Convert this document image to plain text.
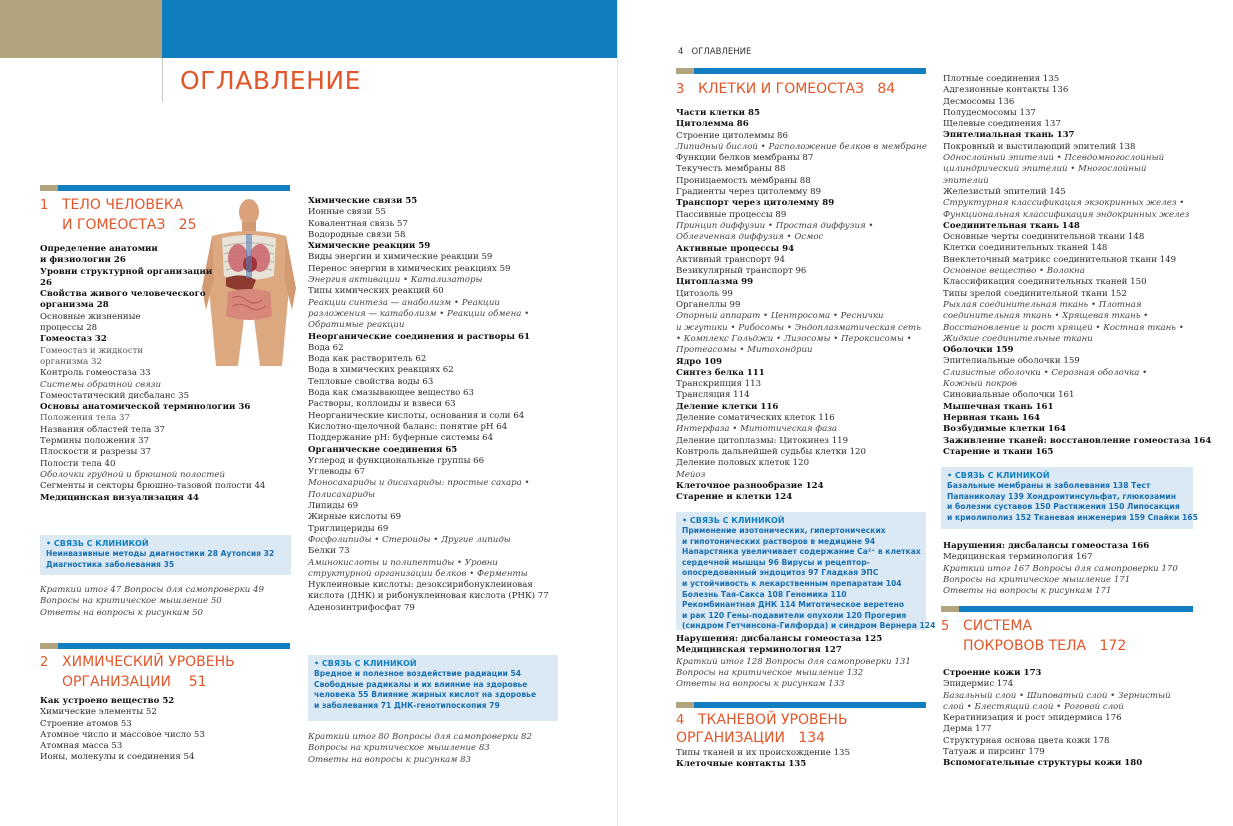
ОГЛАВЛЕНИЕ
1 ТЕЛО ЧЕЛОВЕКА
И ГОМЕОСТАЗ 25
Определение анатомии
и физиологии 26
Уровни структурной организации
26
Свойства живого человеческого
организма 28
Основные жизненные
процессы 28
Гомеостаз 32
Гомеостаз и жидкости
организма 32
Контроль гомеостаза 33
Системы обратной связи
Гомеостатический дисбаланс 35
Основы анатомической терминологии 36
Положения тела 37
Названия областей тела 37
Термины положения 37
Плоскости и разрезы 37
Полости тела 40
Оболочки грудной и брюшной полостей
Сегменты и секторы брюшно-тазовой полости 44
Медицинская визуализация 44
• СВЯЗЬ С КЛИНИКОЙ
Неинвазивные методы диагностики 28 Аутопсия 32
Диагностика заболевания 35
Краткий итог 47 Вопросы для самопроверки 49
Вопросы на критическое мышление 50
Ответы на вопросы к рисункам 50
2 ХИМИЧЕСКИЙ УРОВЕНЬ
ОРГАНИЗАЦИИ 51
Как устроено вещество 52
Химические элементы 52
Строение атомов 53
Атомное число и массовое число 53
Атомная масса 53
Ионы, молекулы и соединения 54
Химические связи 55
Ионные связи 55
Ковалентная связь 57
Водородные связи 58
Химические реакции 59
Виды энергии и химические реакции 59
Перенос энергии в химических реакциях 59
Энергия активации • Катализаторы
Типы химических реакций 60
Реакции синтеза — анаболизм • Реакции
разложения — катаболизм • Реакции обмена •
Обратимые реакции
Неорганические соединения и растворы 61
Вода 62
Вода как растворитель 62
Вода в химических реакциях 62
Тепловые свойства воды 63
Вода как смазывающее вещество 63
Растворы, коллоиды и взвеси 63
Неорганические кислоты, основания и соли 64
Кислотно-щелочной баланс: понятие pH 64
Поддержание pH: буферные системы 64
Органические соединения 65
Углерод и функциональные группы 66
Углеводы 67
Моносахариды и дисахариды: простые сахара •
Полисахариды
Липиды 69
Жирные кислоты 69
Триглицериды 69
Фосфолипиды • Стероиды • Другие липиды
Белки 73
Аминокислоты и полипептиды • Уровни
структурной организации белков • Ферменты
Нуклеиновые кислоты: дезоксирибонуклеиновая
кислота (ДНК) и рибонуклеиновая кислота (РНК) 77
Аденозинтрифосфат 79
• СВЯЗЬ С КЛИНИКОЙ
Вредное и полезное воздействие радиации 54
Свободные радикалы и их влияние на здоровье
человека 55 Влияние жирных кислот на здоровье
и заболевания 71 ДНК-генотипоскопия 79
Краткий итог 80 Вопросы для самопроверки 82
Вопросы на критическое мышление 83
Ответы на вопросы к рисункам 83
4 ОГЛАВЛЕНИЕ
3 КЛЕТКИ И ГОМЕОСТАЗ 84
Части клетки 85
Цитолемма 86
Строение цитолеммы 86
Липидный бислой • Расположение белков в мембране
Функции белков мембраны 87
Текучесть мембраны 88
Проницаемость мембраны 88
Градиенты через цитолемму 89
Транспорт через цитолемму 89
Пассивные процессы 89
Принцип диффузии • Простая диффузия •
Облегченная диффузия • Осмос
Активные процессы 94
Активный транспорт 94
Везикулярный транспорт 96
Цитоплазма 99
Цитозоль 99
Органеллы 99
Опорный аппарат • Центросома • Реснички
и жгутики • Рибосомы • Эндоплазматическая сеть
• Комплекс Гольджи • Лизосомы • Пероксисомы •
Протеасомы • Митохондрии
Ядро 109
Синтез белка 111
Транскрипция 113
Трансляция 114
Деление клетки 116
Деление соматических клеток 116
Интерфаза • Митотическая фаза
Деление цитоплазмы: Цитокинез 119
Контроль дальнейшей судьбы клетки 120
Деление половых клеток 120
Мейоз
Клеточное разнообразие 124
Старение и клетки 124
• СВЯЗЬ С КЛИНИКОЙ
Применение изотонических, гипертонических
и гипотонических растворов в медицине 94
Напарстянка увеличивает содержание Ca²⁺ в клетках
сердечной мышцы 96 Вирусы и рецептор-
опосредованный эндоцитоз 97 Гладкая ЭПС
и устойчивость к лекарственным препаратам 104
Болезнь Тая-Сакса 108 Геномика 110
Рекомбинантная ДНК 114 Митотическое веретено
и рак 120 Гены-подавители опухоли 120 Прогерия
(синдром Гетчинсона-Гилфорда) и синдром Вернера 124
Нарушения: дисбалансы гомеостаза 125
Медицинская терминология 127
Краткий итог 128 Вопросы для самопроверки 131
Вопросы на критическое мышление 132
Ответы на вопросы к рисункам 133
4 ТКАНЕВОЙ УРОВЕНЬ
ОРГАНИЗАЦИИ 134
Типы тканей и их происхождение 135
Клеточные контакты 135
Плотные соединения 135
Адгезионные контакты 136
Десмосомы 136
Полудесмосомы 137
Щелевые соединения 137
Эпителиальная ткань 137
Покровный и выстилающий эпителий 138
Однослойный эпителий • Псевдомногослойный
цилиндрический эпителий • Многослойный
эпителий
Железистый эпителий 145
Структурная классификация экзокринных желез •
Функциональная классификация эндокринных желез
Соединительная ткань 148
Основные черты соединительной ткани 148
Клетки соединительных тканей 148
Внеклеточный матрикс соединительной ткани 149
Основное вещество • Волокна
Классификация соединительных тканей 150
Типы зрелой соединительной ткани 152
Рыхлая соединительная ткань • Плотная
соединительная ткань • Хрящевая ткань •
Восстановление и рост хрящей • Костная ткань •
Жидкие соединительные ткани
Оболочки 159
Эпителиальные оболочки 159
Слизистые оболочки • Серозная оболочка •
Кожный покров
Синовиальные оболочки 161
Мышечная ткань 161
Нервная ткань 164
Возбудимые клетки 164
Заживление тканей: восстановление гомеостаза 164
Старение и ткани 165
• СВЯЗЬ С КЛИНИКОЙ
Базальные мембраны и заболевания 138 Тест
Папаниколау 139 Хондроитинсульфат, глюкозамин
и болезни суставов 150 Растяжения 150 Липосакция
и криолиполиз 152 Тканевая инженерия 159 Спайки 165
Нарушения: дисбалансы гомеостаза 166
Медицинская терминология 167
Краткий итог 167 Вопросы для самопроверки 170
Вопросы на критическое мышление 171
Ответы на вопросы к рисункам 171
5 СИСТЕМА
ПОКРОВОВ ТЕЛА 172
Строение кожи 173
Эпидермис 174
Базальный слой • Шиповатый слой • Зернистый
слой • Блестящий слой • Роговой слой
Кератинизация и рост эпидермиса 176
Дерма 177
Структурная основа цвета кожи 178
Татуаж и пирсинг 179
Вспомогательные структуры кожи 180
